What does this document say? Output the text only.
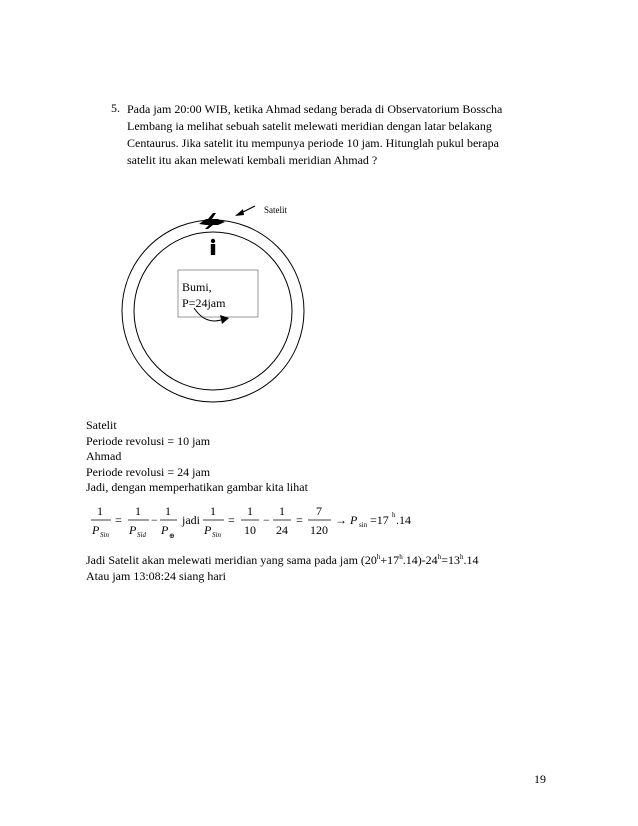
5. Pada jam 20:00 WIB, ketika Ahmad sedang berada di Observatorium Bosscha
Lembang ia melihat sebuah satelit melewati meridian dengan latar belakang
Centaurus. Jika satelit itu mempunya periode 10 jam. Hitunglah pukul berapa
satelit itu akan melewati kembali meridian Ahmad ?
Satelit
Bumi,
P=24jam
Satelit
Periode revolusi = 10 jam
Ahmad
Periode revolusi = 24 jam
Jadi, dengan memperhatikan gambar kita lihat
1
P Sin
=
1
P Sid
−
1
P ⊕
jadi
1
P Sin
=
1
10
−
1
24
=
7
120
→ P sin =17 h .14
Jadi Satelit akan melewati meridian yang sama pada jam $(20^h+17^h.14)-24^h=13^h.14$
Atau jam 13:08:24 siang hari
19
